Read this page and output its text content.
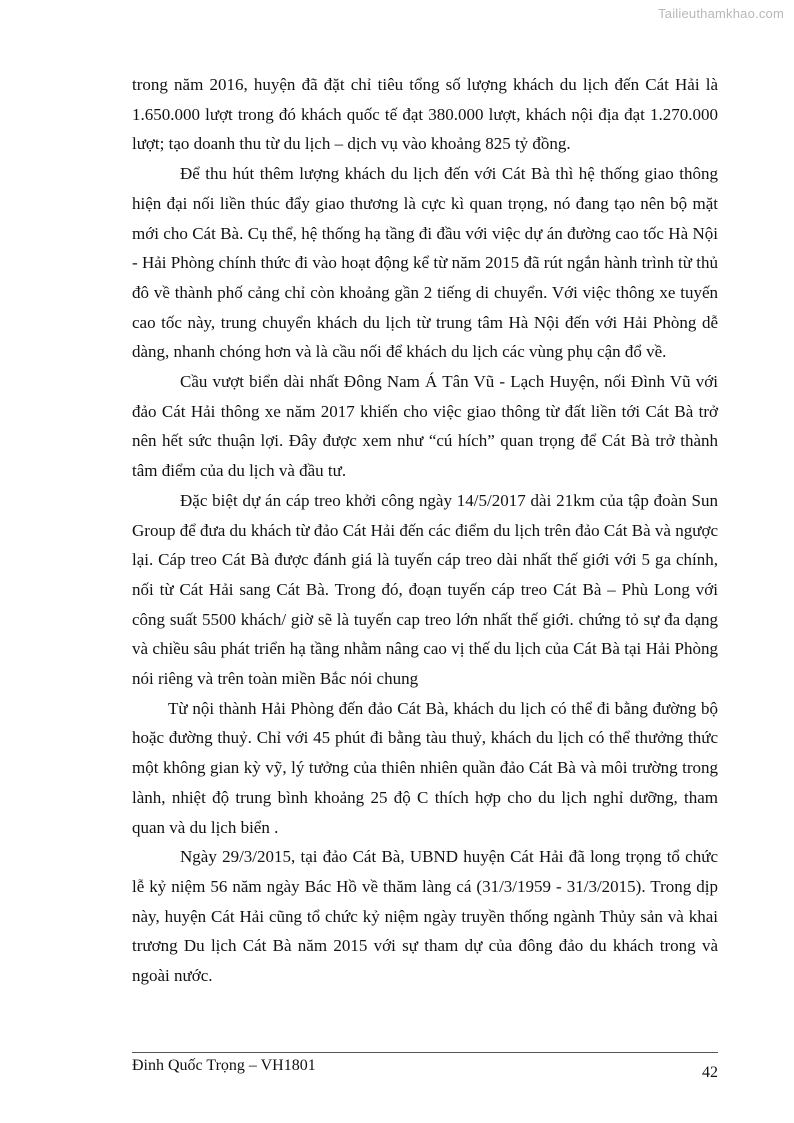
Tailieuthamkhao.com

trong năm 2016, huyện đã đặt chỉ tiêu tổng số lượng khách du lịch đến Cát Hải là 1.650.000 lượt trong đó khách quốc tế đạt 380.000 lượt, khách nội địa đạt 1.270.000 lượt; tạo doanh thu từ du lịch – dịch vụ vào khoảng 825 tỷ đồng.

Để thu hút thêm lượng khách du lịch đến với Cát Bà thì hệ thống giao thông hiện đại nối liền thúc đẩy giao thương là cực kì quan trọng, nó đang tạo nên bộ mặt mới cho Cát Bà. Cụ thể, hệ thống hạ tầng đi đầu với việc dự án đường cao tốc Hà Nội - Hải Phòng chính thức đi vào hoạt động kể từ năm 2015 đã rút ngắn hành trình từ thủ đô về thành phố cảng chỉ còn khoảng gần 2 tiếng di chuyển. Với việc thông xe tuyến cao tốc này, trung chuyển khách du lịch từ trung tâm Hà Nội đến với Hải Phòng dễ dàng, nhanh chóng hơn và là cầu nối để khách du lịch các vùng phụ cận đổ về.

Cầu vượt biển dài nhất Đông Nam Á Tân Vũ - Lạch Huyện, nối Đình Vũ với đảo Cát Hải thông xe năm 2017 khiến cho việc giao thông từ đất liền tới Cát Bà trở nên hết sức thuận lợi. Đây được xem như “cú hích” quan trọng để Cát Bà trở thành tâm điểm của du lịch và đầu tư.

Đặc biệt dự án cáp treo khởi công ngày 14/5/2017 dài 21km của tập đoàn Sun Group để đưa du khách từ đảo Cát Hải đến các điểm du lịch trên đảo Cát Bà và ngược lại. Cáp treo Cát Bà được đánh giá là tuyến cáp treo dài nhất thế giới với 5 ga chính, nối từ Cát Hải sang Cát Bà. Trong đó, đoạn tuyến cáp treo Cát Bà – Phù Long với công suất 5500 khách/ giờ sẽ là tuyến cap treo lớn nhất thế giới. chứng tỏ sự đa dạng và chiều sâu phát triển hạ tầng nhằm nâng cao vị thế du lịch của Cát Bà tại Hải Phòng nói riêng và trên toàn miền Bắc nói chung

Từ nội thành Hải Phòng đến đảo Cát Bà, khách du lịch có thể đi bằng đường bộ hoặc đường thuỷ. Chỉ với 45 phút đi bằng tàu thuỷ, khách du lịch có thể thưởng thức một không gian kỳ vỹ, lý tưởng của thiên nhiên quần đảo Cát Bà và môi trường trong lành, nhiệt độ trung bình khoảng 25 độ C thích hợp cho du lịch nghỉ dưỡng, tham quan và du lịch biển .

Ngày 29/3/2015, tại đảo Cát Bà, UBND huyện Cát Hải đã long trọng tổ chức lễ kỷ niệm 56 năm ngày Bác Hồ về thăm làng cá (31/3/1959 - 31/3/2015). Trong dịp này, huyện Cát Hải cũng tổ chức kỷ niệm ngày truyền thống ngành Thủy sản và khai trương Du lịch Cát Bà năm 2015 với sự tham dự của đông đảo du khách trong và ngoài nước.

Đinh Quốc Trọng – VH1801	42
